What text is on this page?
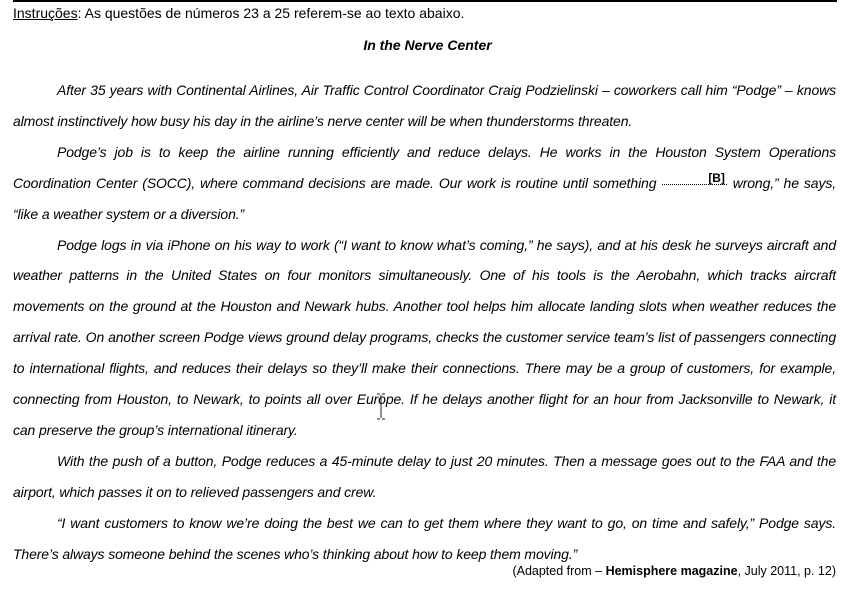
Instruções: As questões de números 23 a 25 referem-se ao texto abaixo.
In the Nerve Center

After 35 years with Continental Airlines, Air Traffic Control Coordinator Craig Podzielinski – coworkers call him “Podge” – knows almost instinctively how busy his day in the airline’s nerve center will be when thunderstorms threaten.

Podge’s job is to keep the airline running efficiently and reduce delays. He works in the Houston System Operations Coordination Center (SOCC), where command decisions are made. Our work is routine until something	[B] wrong,” he says, “like a weather system or a diversion.”

Podge logs in via iPhone on his way to work (“I want to know what’s coming,” he says), and at his desk he surveys aircraft and weather patterns in the United States on four monitors simultaneously. One of his tools is the Aerobahn, which tracks aircraft movements on the ground at the Houston and Newark hubs. Another tool helps him allocate landing slots when weather reduces the arrival rate. On another screen Podge views ground delay programs, checks the customer service team’s list of passengers connecting to international flights, and reduces their delays so they’ll make their connections. There may be a group of customers, for example, connecting from Houston, to Newark, to points all over Europe. If he delays another flight for an hour from Jacksonville to Newark, it can preserve the group’s international itinerary.

With the push of a button, Podge reduces a 45-minute delay to just 20 minutes. Then a message goes out to the FAA and the airport, which passes it on to relieved passengers and crew.

“I want customers to know we’re doing the best we can to get them where they want to go, on time and safely,” Podge says. There’s always someone behind the scenes who’s thinking about how to keep them moving.”

(Adapted from – Hemisphere magazine, July 2011, p. 12)
